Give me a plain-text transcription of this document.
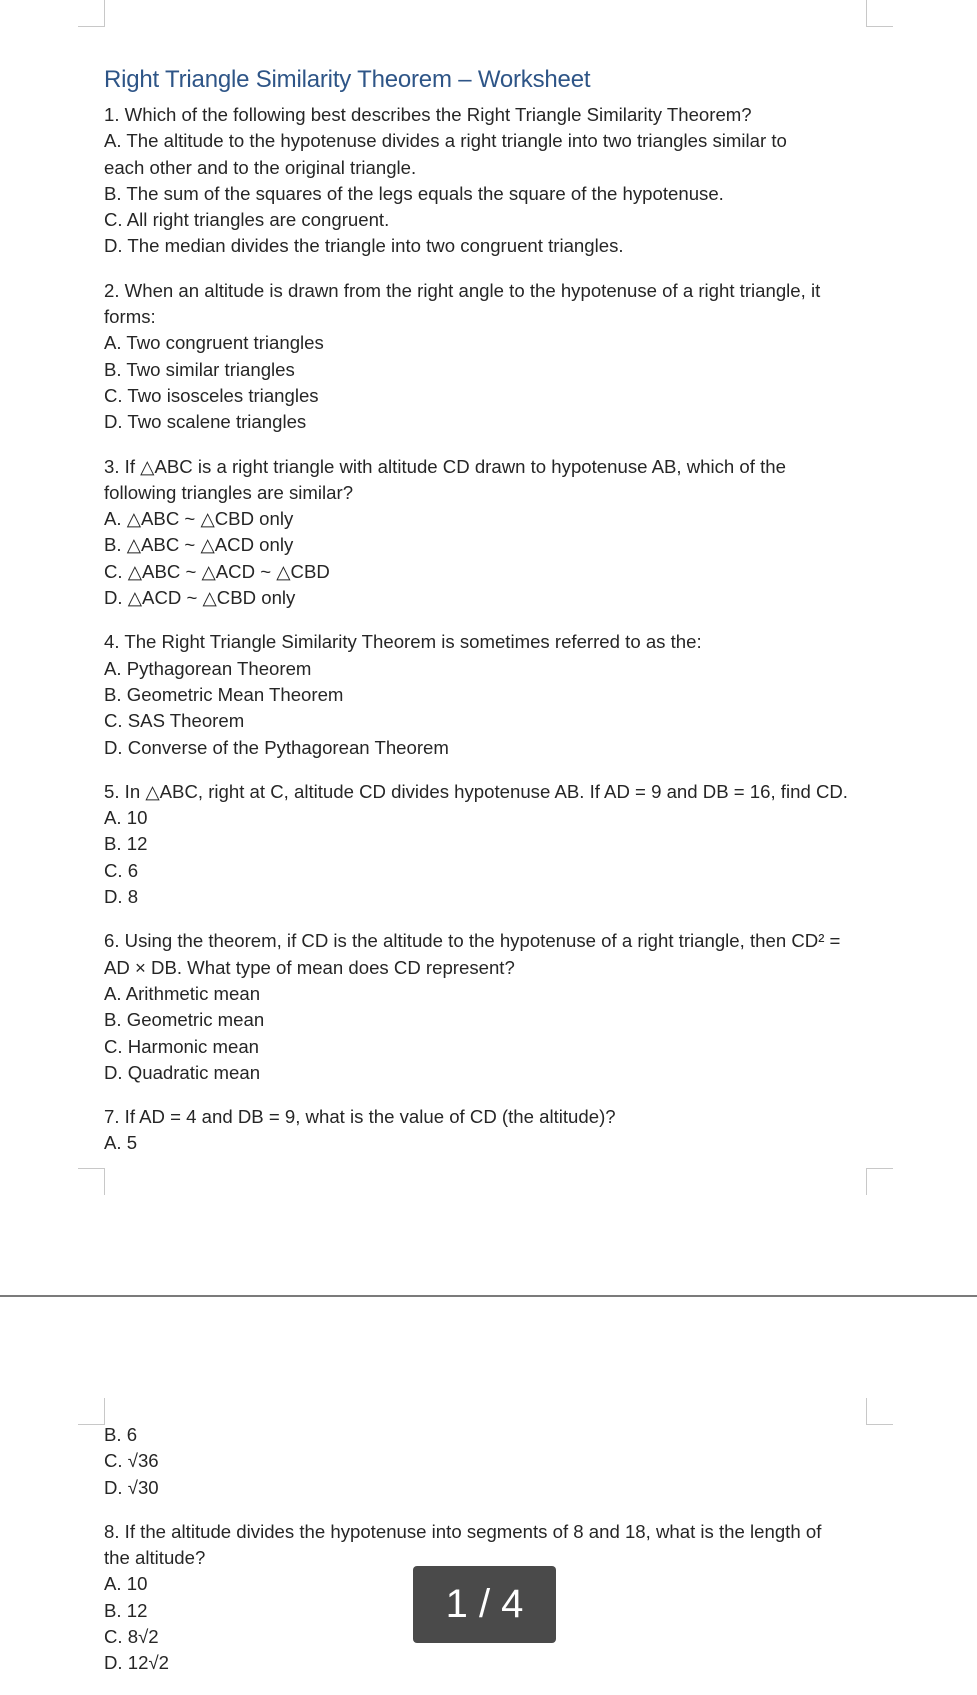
Right Triangle Similarity Theorem – Worksheet

1. Which of the following best describes the Right Triangle Similarity Theorem?

A. The altitude to the hypotenuse divides a right triangle into two triangles similar to

each other and to the original triangle.

B. The sum of the squares of the legs equals the square of the hypotenuse.

C. All right triangles are congruent.

D. The median divides the triangle into two congruent triangles.

2. When an altitude is drawn from the right angle to the hypotenuse of a right triangle, it

forms:

A. Two congruent triangles

B. Two similar triangles

C. Two isosceles triangles

D. Two scalene triangles

3. If △ABC is a right triangle with altitude CD drawn to hypotenuse AB, which of the

following triangles are similar?

A. △ABC ~ △CBD only

B. △ABC ~ △ACD only

C. △ABC ~ △ACD ~ △CBD

D. △ACD ~ △CBD only

4. The Right Triangle Similarity Theorem is sometimes referred to as the:

A. Pythagorean Theorem

B. Geometric Mean Theorem

C. SAS Theorem

D. Converse of the Pythagorean Theorem

5. In △ABC, right at C, altitude CD divides hypotenuse AB. If AD = 9 and DB = 16, find CD.

A. 10

B. 12

C. 6

D. 8

6. Using the theorem, if CD is the altitude to the hypotenuse of a right triangle, then CD² =

AD × DB. What type of mean does CD represent?

A. Arithmetic mean

B. Geometric mean

C. Harmonic mean

D. Quadratic mean

7. If AD = 4 and DB = 9, what is the value of CD (the altitude)?

A. 5

B. 6

C. √36

D. √30

8. If the altitude divides the hypotenuse into segments of 8 and 18, what is the length of

the altitude?

A. 10

B. 12

C. 8√2

D. 12√2

1 / 4
